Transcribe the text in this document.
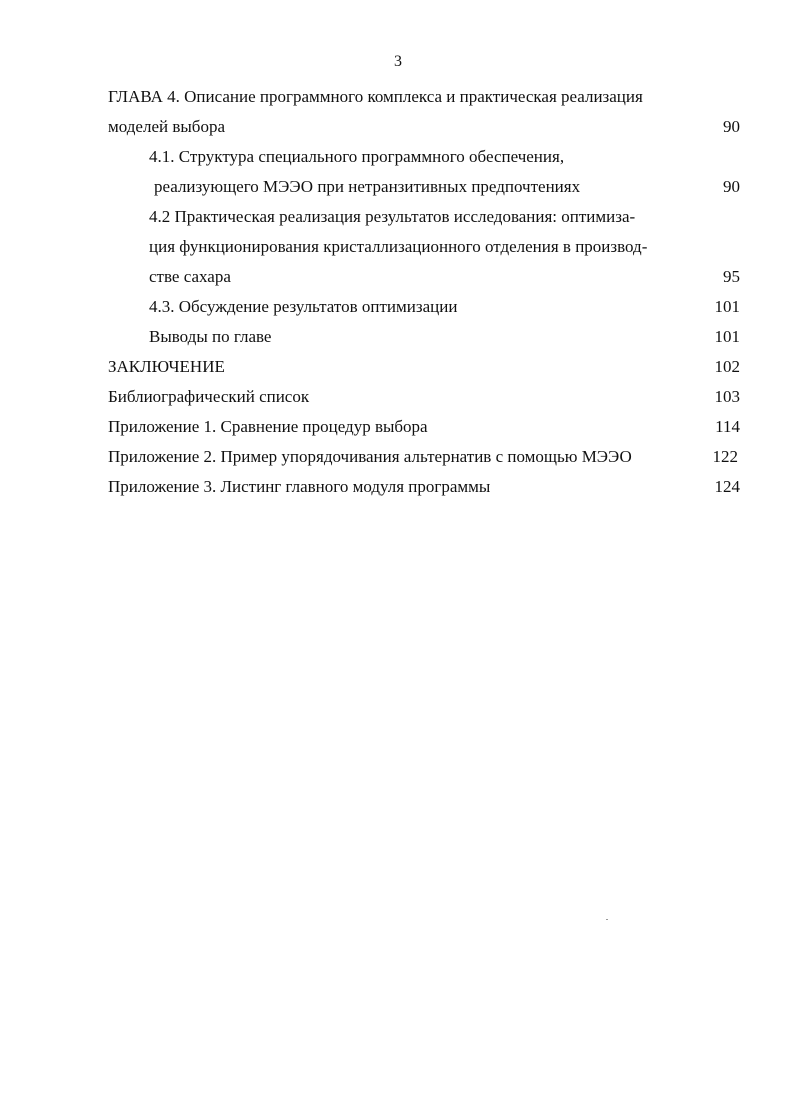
3
ГЛАВА 4. Описание программного комплекса и практическая реализация
моделей выбора	90
4.1. Структура специального программного обеспечения,
реализующего МЭЭО при нетранзитивных предпочтениях	90
4.2 Практическая реализация результатов исследования: оптимиза-
ция функционирования кристаллизационного отделения в производ-
стве сахара	95
4.3. Обсуждение результатов оптимизации	101
Выводы по главе	101
ЗАКЛЮЧЕНИЕ	102
Библиографический список	103
Приложение 1. Сравнение процедур выбора	114
Приложение 2. Пример упорядочивания альтернатив с помощью МЭЭО	122
Приложение 3. Листинг главного модуля программы	124
